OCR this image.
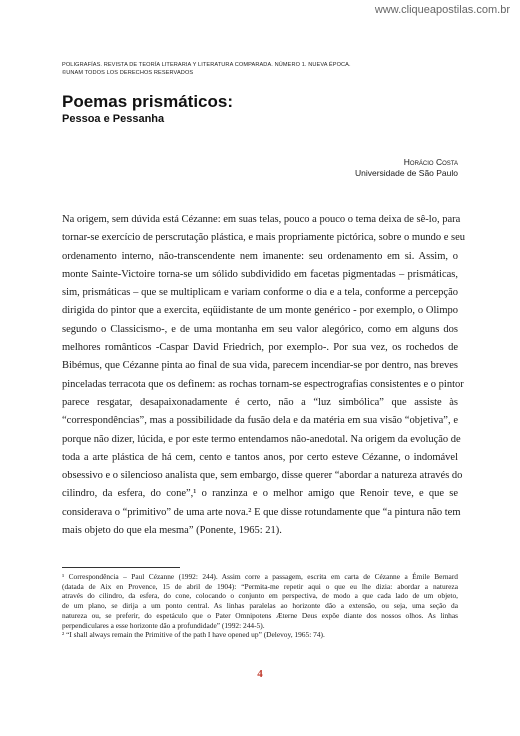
www.cliqueapostilas.com.br
POLIGRAFÍAS. REVISTA DE TEORÍA LITERARIA Y LITERATURA COMPARADA. NÚMERO 1. NUEVA ÉPOCA.
©UNAM TODOS LOS DERECHOS RESERVADOS
Poemas prismáticos:
Pessoa e Pessanha
Horácio Costa
Universidade de São Paulo
Na origem, sem dúvida está Cézanne: em suas telas, pouco a pouco o tema deixa de sê-lo, para
tornar-se exercício de perscrutação plástica, e mais propriamente pictórica, sobre o mundo e seu
ordenamento interno, não-transcendente nem imanente: seu ordenamento em si. Assim, o
monte Sainte-Victoire torna-se um sólido subdividido em facetas pigmentadas – prismáticas,
sim, prismáticas – que se multiplicam e variam conforme o dia e a tela, conforme a percepção
dirigida do pintor que a exercita, eqüidistante de um monte genérico - por exemplo, o Olimpo
segundo o Classicismo-, e de uma montanha em seu valor alegórico, como em alguns dos
melhores românticos -Caspar David Friedrich, por exemplo-. Por sua vez, os rochedos de
Bibémus, que Cézanne pinta ao final de sua vida, parecem incendiar-se por dentro, nas breves
pinceladas terracota que os definem: as rochas tornam-se espectrografias consistentes e o pintor
parece resgatar, desapaixonadamente é certo, não a “luz simbólica” que assiste às
“correspondências”, mas a possibilidade da fusão dela e da matéria em sua visão “objetiva”, e
porque não dizer, lúcida, e por este termo entendamos não-anedotal. Na origem da evolução de
toda a arte plástica de há cem, cento e tantos anos, por certo esteve Cézanne, o indomável
obsessivo e o silencioso analista que, sem embargo, disse querer “abordar a natureza através do
cilindro, da esfera, do cone”,¹ o ranzinza e o melhor amigo que Renoir teve, e que se
considerava o “primitivo” de uma arte nova.² E que disse rotundamente que “a pintura não tem
mais objeto do que ela mesma” (Ponente, 1965: 21).
¹ Correspondência – Paul Cézanne (1992: 244). Assim corre a passagem, escrita em carta de Cézanne a Émile Bernard
(datada de Aix en Provence, 15 de abril de 1904): “Permita-me repetir aqui o que eu lhe dizia: abordar a natureza
através do cilindro, da esfera, do cone, colocando o conjunto em perspectiva, de modo a que cada lado de um objeto,
de um plano, se dirija a um ponto central. As linhas paralelas ao horizonte dão a extensão, ou seja, uma seção da
natureza ou, se preferir, do espetáculo que o Pater Omnipotens Æterne Deus expõe diante dos nossos olhos. As linhas
perpendiculares a esse horizonte dão a profundidade” (1992: 244-5).
² “I shall always remain the Primitive of the path I have opened up” (Delevoy, 1965: 74).
4
